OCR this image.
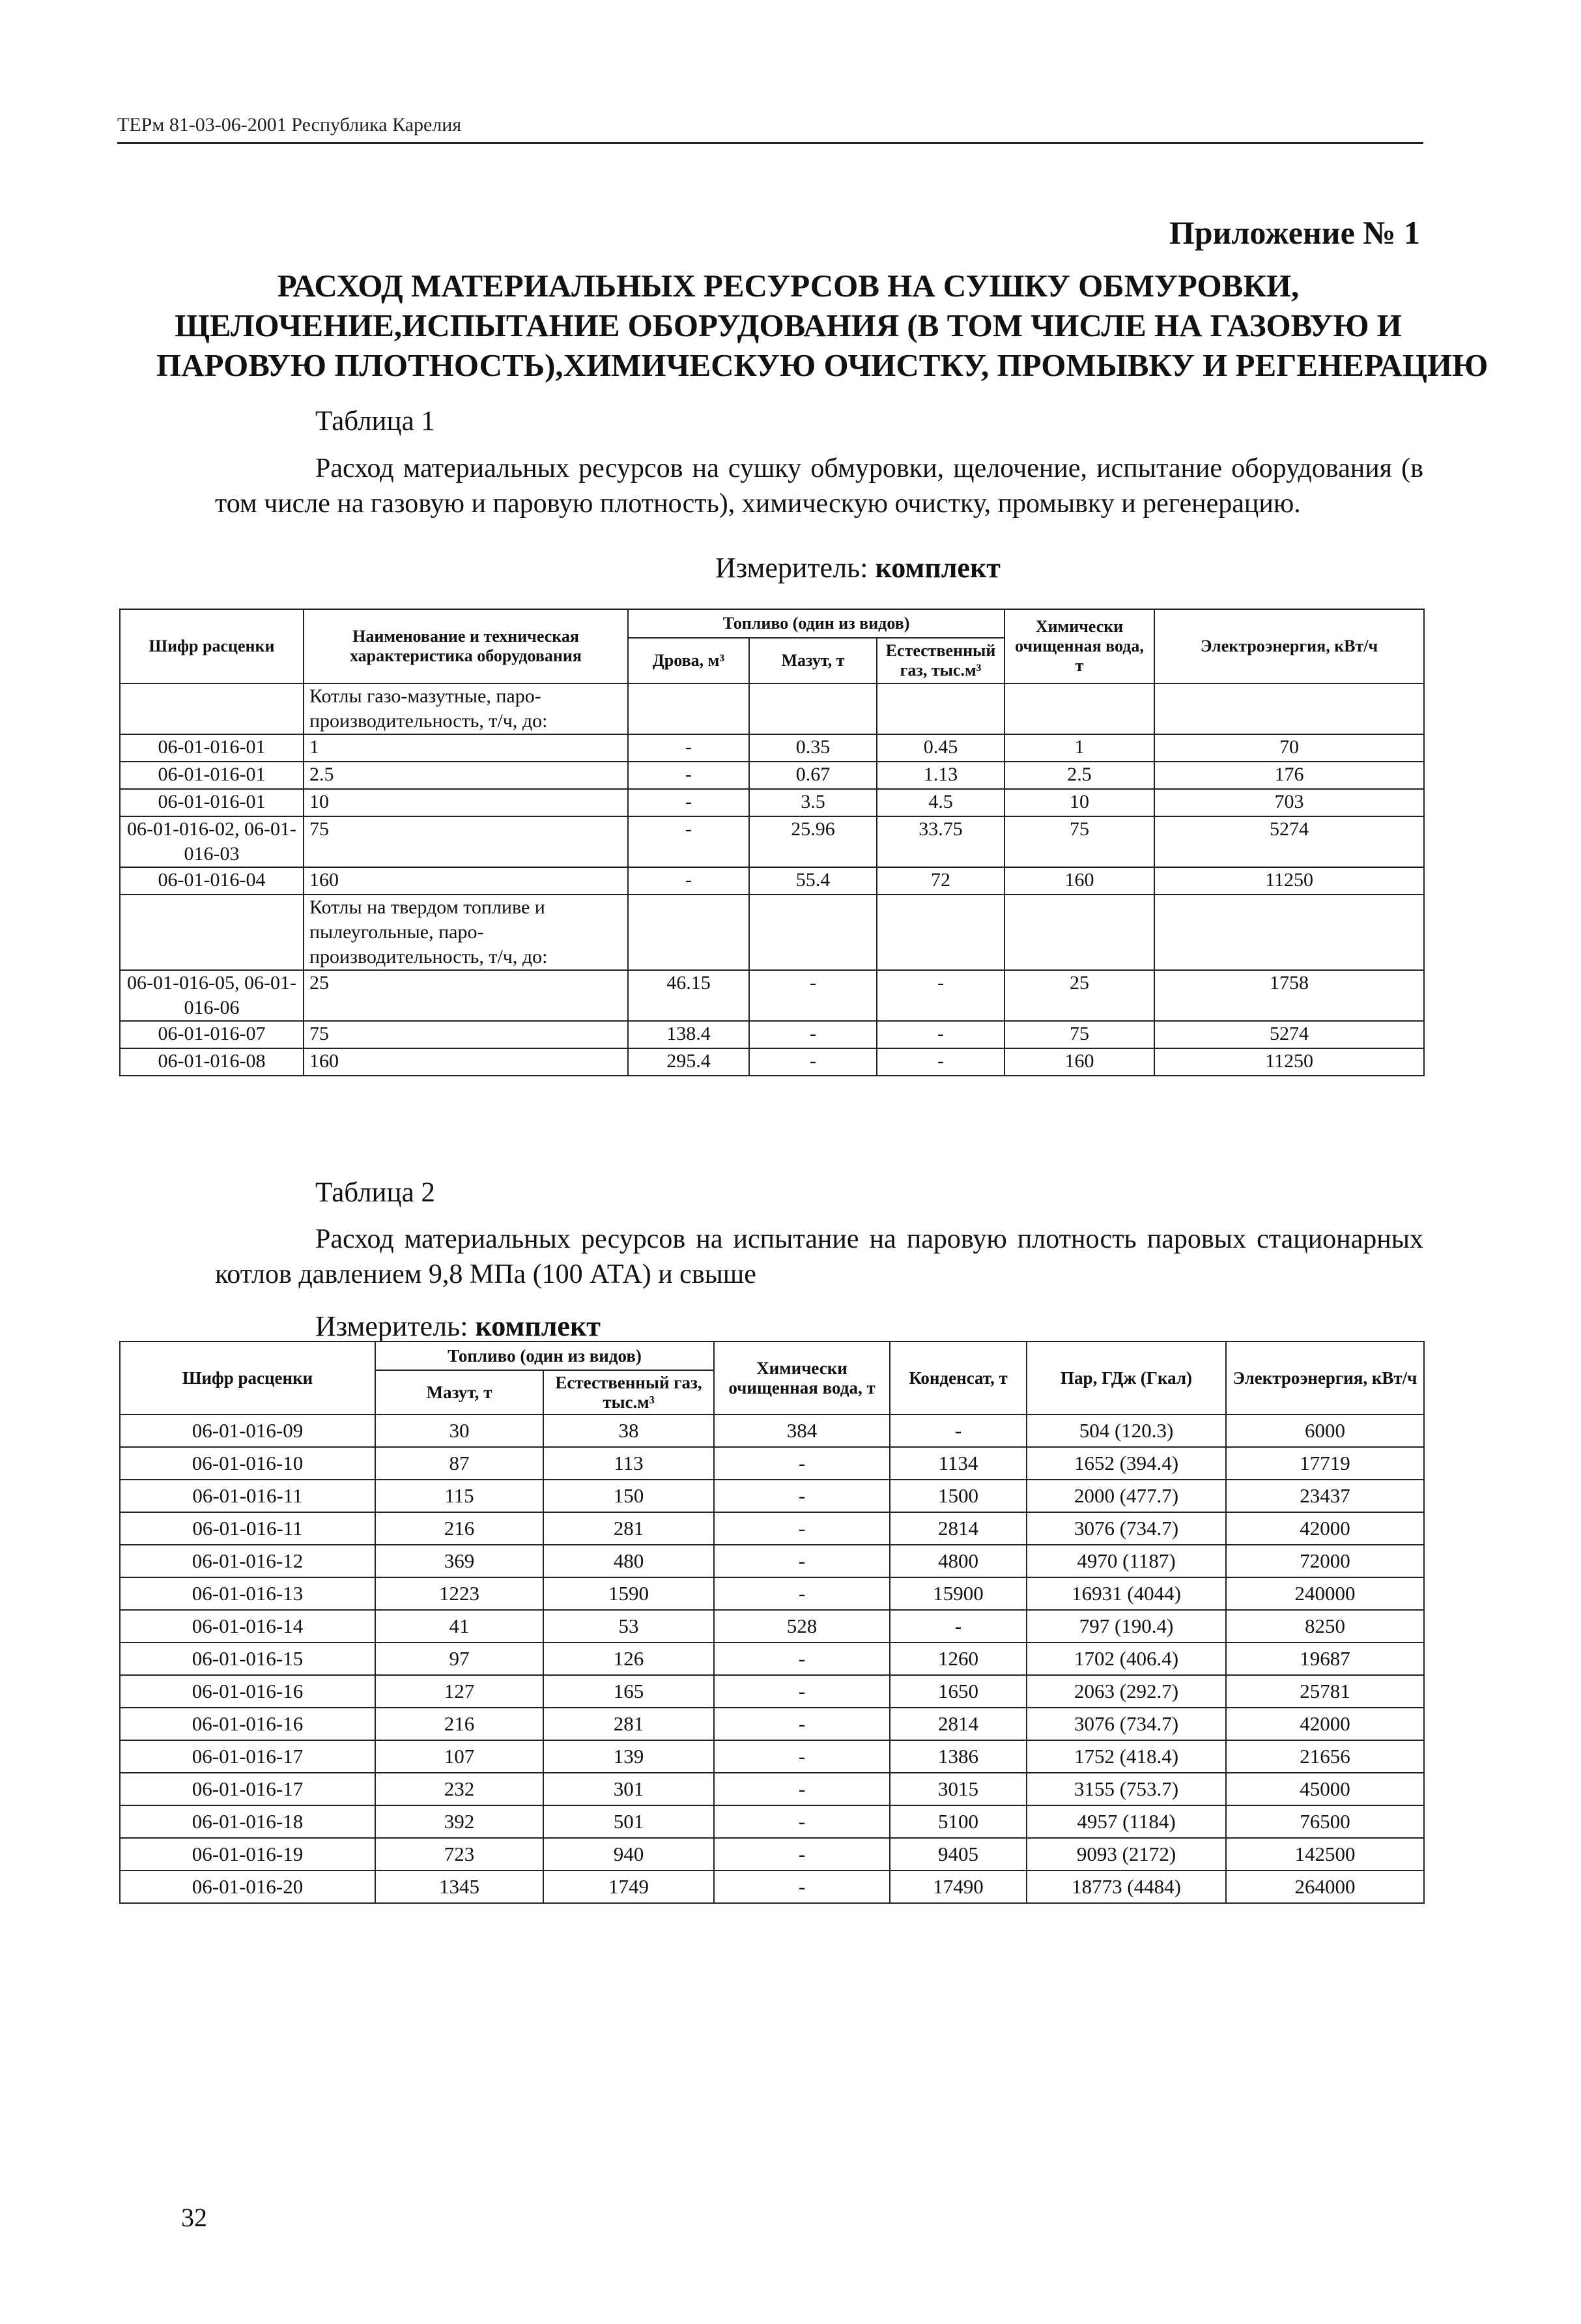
ТЕРм 81-03-06-2001 Республика Карелия
Приложение № 1
РАСХОД МАТЕРИАЛЬНЫХ РЕСУРСОВ НА СУШКУ ОБМУРОВКИ,
ЩЕЛОЧЕНИЕ,ИСПЫТАНИЕ ОБОРУДОВАНИЯ (В ТОМ ЧИСЛЕ НА ГАЗОВУЮ И
ПАРОВУЮ ПЛОТНОСТЬ),ХИМИЧЕСКУЮ ОЧИСТКУ, ПРОМЫВКУ И РЕГЕНЕРАЦИЮ
Таблица 1
Расход материальных ресурсов на сушку обмуровки, щелочение, испытание оборудования (в том числе на газовую и паровую плотность), химическую очистку, промывку и регенерацию.
Измеритель: комплект
Шифр расценки	Наименование и техническая характеристика оборудования	Топливо (один из видов)			Химически очищенная вода, т	Электроэнергия, кВт/ч
		Дрова, м³	Мазут, т	Естественный газ, тыс.м³		
	Котлы газо-мазутные, паро-производительность, т/ч, до:					
06-01-016-01	1	-	0.35	0.45	1	70
06-01-016-01	2.5	-	0.67	1.13	2.5	176
06-01-016-01	10	-	3.5	4.5	10	703
06-01-016-02, 06-01-016-03	75	-	25.96	33.75	75	5274
06-01-016-04	160	-	55.4	72	160	11250
	Котлы на твердом топливе и пылеугольные, паро-производительность, т/ч, до:					
06-01-016-05, 06-01-016-06	25	46.15	-	-	25	1758
06-01-016-07	75	138.4	-	-	75	5274
06-01-016-08	160	295.4	-	-	160	11250
Таблица 2
Расход материальных ресурсов на испытание на паровую плотность паровых стационарных котлов давлением 9,8 МПа (100 АТА) и свыше
Измеритель: комплект
Шифр расценки	Топливо (один из видов)		Химически очищенная вода, т	Конденсат, т	Пар, ГДж (Гкал)	Электроэнергия, кВт/ч
	Мазут, т	Естественный газ, тыс.м³				
06-01-016-09	30	38	384	-	504 (120.3)	6000
06-01-016-10	87	113	-	1134	1652 (394.4)	17719
06-01-016-11	115	150	-	1500	2000 (477.7)	23437
06-01-016-11	216	281	-	2814	3076 (734.7)	42000
06-01-016-12	369	480	-	4800	4970 (1187)	72000
06-01-016-13	1223	1590	-	15900	16931 (4044)	240000
06-01-016-14	41	53	528	-	797 (190.4)	8250
06-01-016-15	97	126	-	1260	1702 (406.4)	19687
06-01-016-16	127	165	-	1650	2063 (292.7)	25781
06-01-016-16	216	281	-	2814	3076 (734.7)	42000
06-01-016-17	107	139	-	1386	1752 (418.4)	21656
06-01-016-17	232	301	-	3015	3155 (753.7)	45000
06-01-016-18	392	501	-	5100	4957 (1184)	76500
06-01-016-19	723	940	-	9405	9093 (2172)	142500
06-01-016-20	1345	1749	-	17490	18773 (4484)	264000
32
